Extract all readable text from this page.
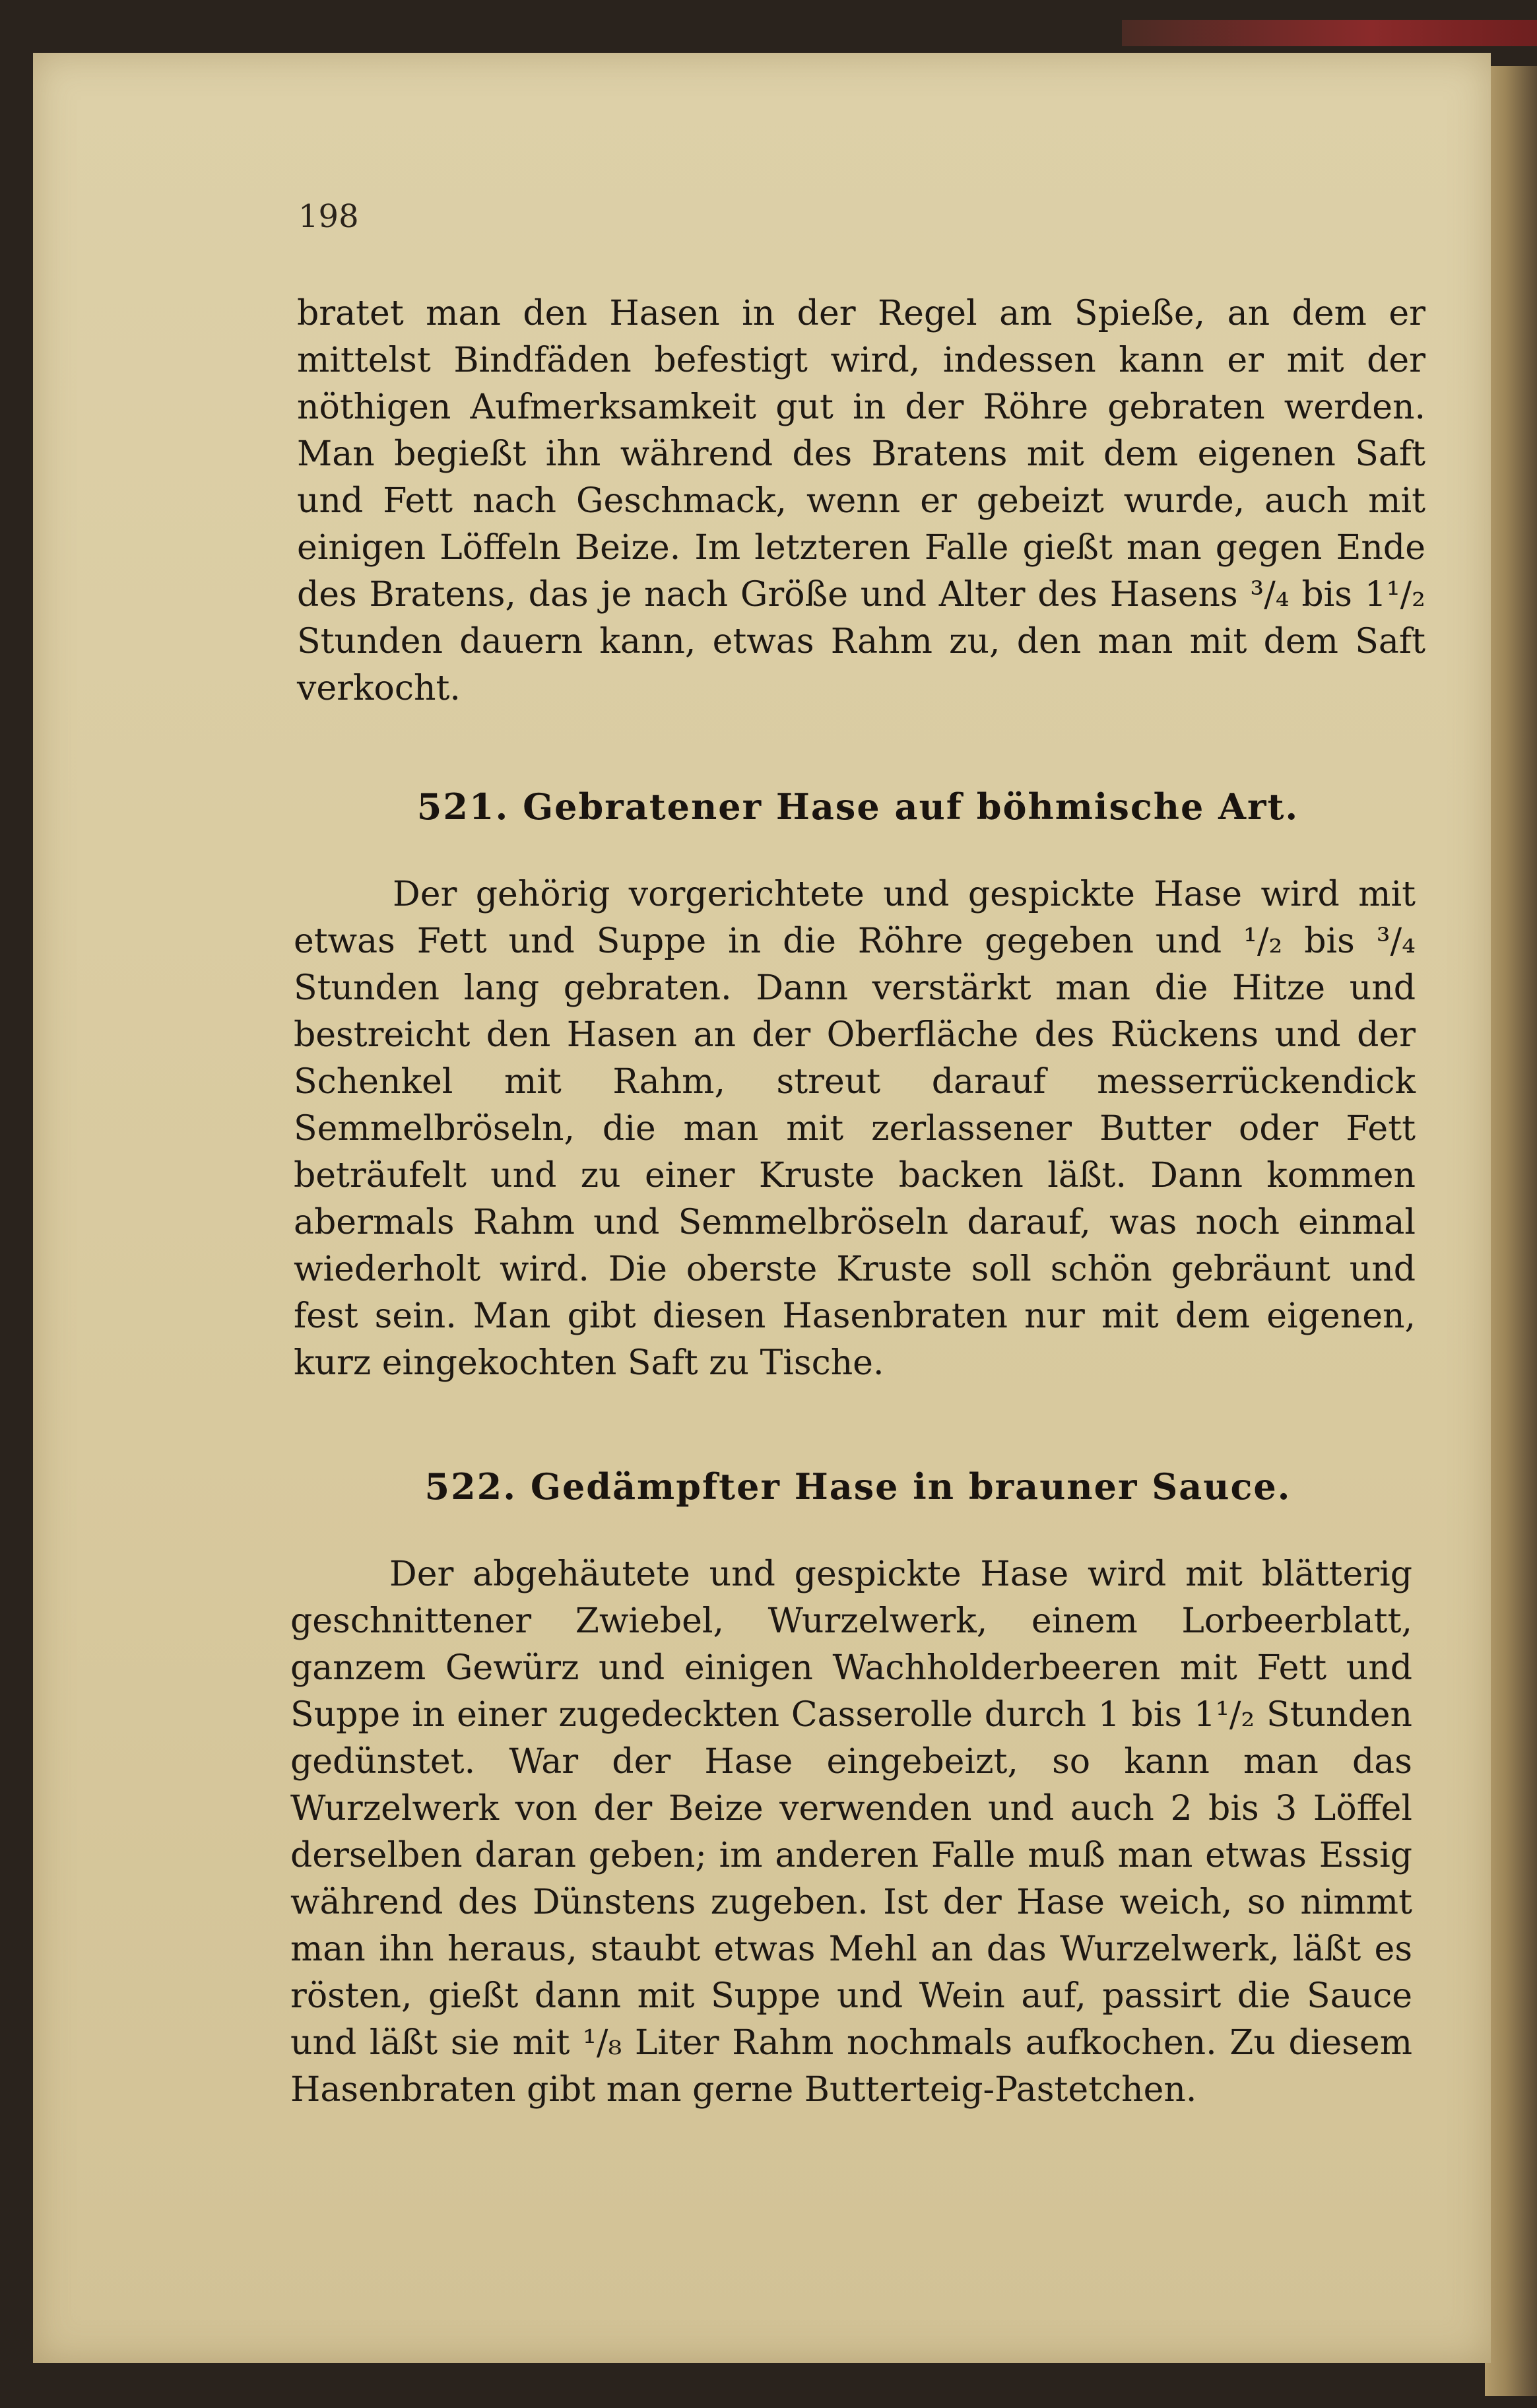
198

bratet man den Hasen in der Regel am Spieße, an dem er mittelst Bindfäden befestigt wird, indessen kann er mit der nöthigen Aufmerksamkeit gut in der Röhre gebraten werden. Man begießt ihn während des Bratens mit dem eigenen Saft und Fett nach Geschmack, wenn er gebeizt wurde, auch mit einigen Löffeln Beize. Im letzteren Falle gießt man gegen Ende des Bratens, das je nach Größe und Alter des Hasens ³/₄ bis 1¹/₂ Stunden dauern kann, etwas Rahm zu, den man mit dem Saft verkocht.

521. Gebratener Hase auf böhmische Art.

Der gehörig vorgerichtete und gespickte Hase wird mit etwas Fett und Suppe in die Röhre gegeben und ¹/₂ bis ³/₄ Stunden lang gebraten. Dann verstärkt man die Hitze und bestreicht den Hasen an der Oberfläche des Rückens und der Schenkel mit Rahm, streut darauf messerrückendick Semmelbröseln, die man mit zerlassener Butter oder Fett beträufelt und zu einer Kruste backen läßt. Dann kommen abermals Rahm und Semmelbröseln darauf, was noch einmal wiederholt wird. Die oberste Kruste soll schön gebräunt und fest sein. Man gibt diesen Hasenbraten nur mit dem eigenen, kurz eingekochten Saft zu Tische.

522. Gedämpfter Hase in brauner Sauce.

Der abgehäutete und gespickte Hase wird mit blätterig geschnittener Zwiebel, Wurzelwerk, einem Lorbeerblatt, ganzem Gewürz und einigen Wachholderbeeren mit Fett und Suppe in einer zugedeckten Casserolle durch 1 bis 1¹/₂ Stunden gedünstet. War der Hase eingebeizt, so kann man das Wurzelwerk von der Beize verwenden und auch 2 bis 3 Löffel derselben daran geben; im anderen Falle muß man etwas Essig während des Dünstens zugeben. Ist der Hase weich, so nimmt man ihn heraus, staubt etwas Mehl an das Wurzelwerk, läßt es rösten, gießt dann mit Suppe und Wein auf, passirt die Sauce und läßt sie mit ¹/₈ Liter Rahm nochmals aufkochen. Zu diesem Hasenbraten gibt man gerne Butterteig-Pastetchen.
